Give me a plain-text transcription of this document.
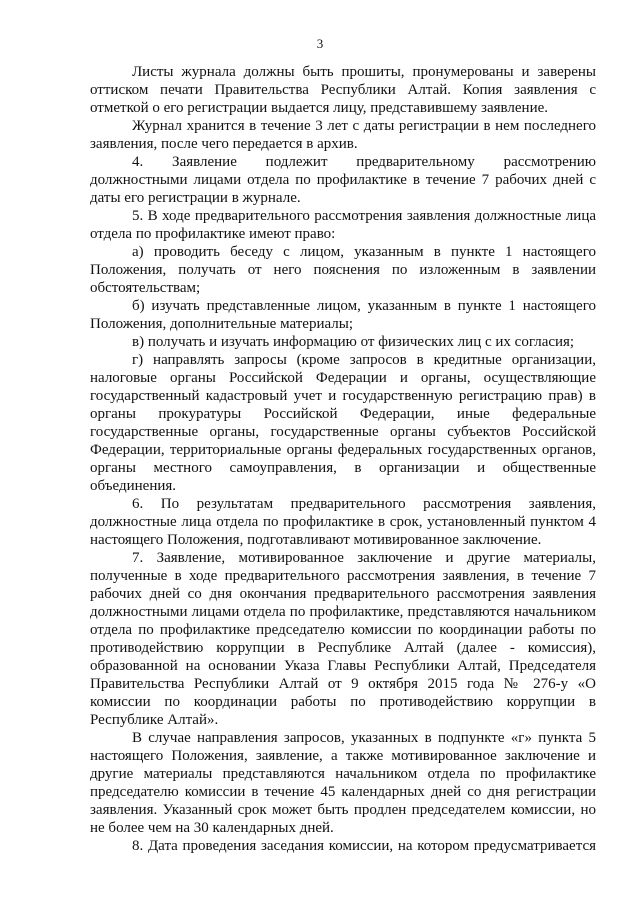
3

Листы журнала должны быть прошиты, пронумерованы и заверены оттиском печати Правительства Республики Алтай. Копия заявления с отметкой о его регистрации выдается лицу, представившему заявление.

Журнал хранится в течение 3 лет с даты регистрации в нем последнего заявления, после чего передается в архив.

4. Заявление подлежит предварительному рассмотрению должностными лицами отдела по профилактике в течение 7 рабочих дней с даты его регистрации в журнале.

5. В ходе предварительного рассмотрения заявления должностные лица отдела по профилактике имеют право:

а) проводить беседу с лицом, указанным в пункте 1 настоящего Положения, получать от него пояснения по изложенным в заявлении обстоятельствам;

б) изучать представленные лицом, указанным в пункте 1 настоящего Положения, дополнительные материалы;

в) получать и изучать информацию от физических лиц с их согласия;

г) направлять запросы (кроме запросов в кредитные организации, налоговые органы Российской Федерации и органы, осуществляющие государственный кадастровый учет и государственную регистрацию прав) в органы прокуратуры Российской Федерации, иные федеральные государственные органы, государственные органы субъектов Российской Федерации, территориальные органы федеральных государственных органов, органы местного самоуправления, в организации и общественные объединения.

6. По результатам предварительного рассмотрения заявления, должностные лица отдела по профилактике в срок, установленный пунктом 4 настоящего Положения, подготавливают мотивированное заключение.

7. Заявление, мотивированное заключение и другие материалы, полученные в ходе предварительного рассмотрения заявления, в течение 7 рабочих дней со дня окончания предварительного рассмотрения заявления должностными лицами отдела по профилактике, представляются начальником отдела по профилактике председателю комиссии по координации работы по противодействию коррупции в Республике Алтай (далее - комиссия), образованной на основании Указа Главы Республики Алтай, Председателя Правительства Республики Алтай от 9 октября 2015 года № 276-у «О комиссии по координации работы по противодействию коррупции в Республике Алтай».

В случае направления запросов, указанных в подпункте «г» пункта 5 настоящего Положения, заявление, а также мотивированное заключение и другие материалы представляются начальником отдела по профилактике председателю комиссии в течение 45 календарных дней со дня регистрации заявления. Указанный срок может быть продлен председателем комиссии, но не более чем на 30 календарных дней.

8. Дата проведения заседания комиссии, на котором предусматривается
